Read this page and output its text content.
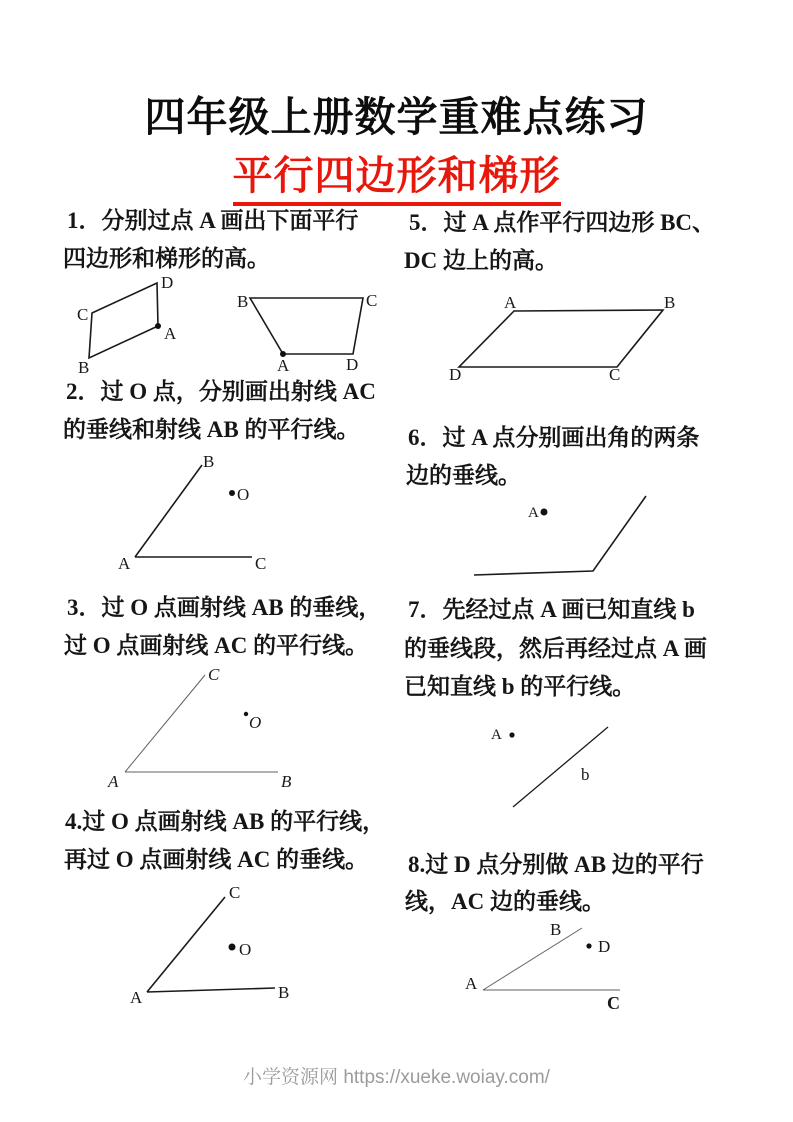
四年级上册数学重难点练习
平行四边形和梯形
1．分别过点 A 画出下面平行
四边形和梯形的高。
2．过 O 点，分别画出射线 AC
的垂线和射线 AB 的平行线。
3．过 O 点画射线 AB 的垂线，
过 O 点画射线 AC 的平行线。
4.过 O 点画射线 AB 的平行线，
再过 O 点画射线 AC 的垂线。
5．过 A 点作平行四边形 BC、
DC 边上的高。
6．过 A 点分别画出角的两条
边的垂线。
7．先经过点 A 画已知直线 b
的垂线段，然后再经过点 A 画
已知直线 b 的平行线。
8.过 D 点分别做 AB 边的平行
线，AC 边的垂线。
D
C
A
B
B	C
A	D
B
A	C
O
C
A	B
O
C
A	B
O
A	B
C
D
A
A
b
B
D
A
C
小学资源网 https://xueke.woiay.com/
